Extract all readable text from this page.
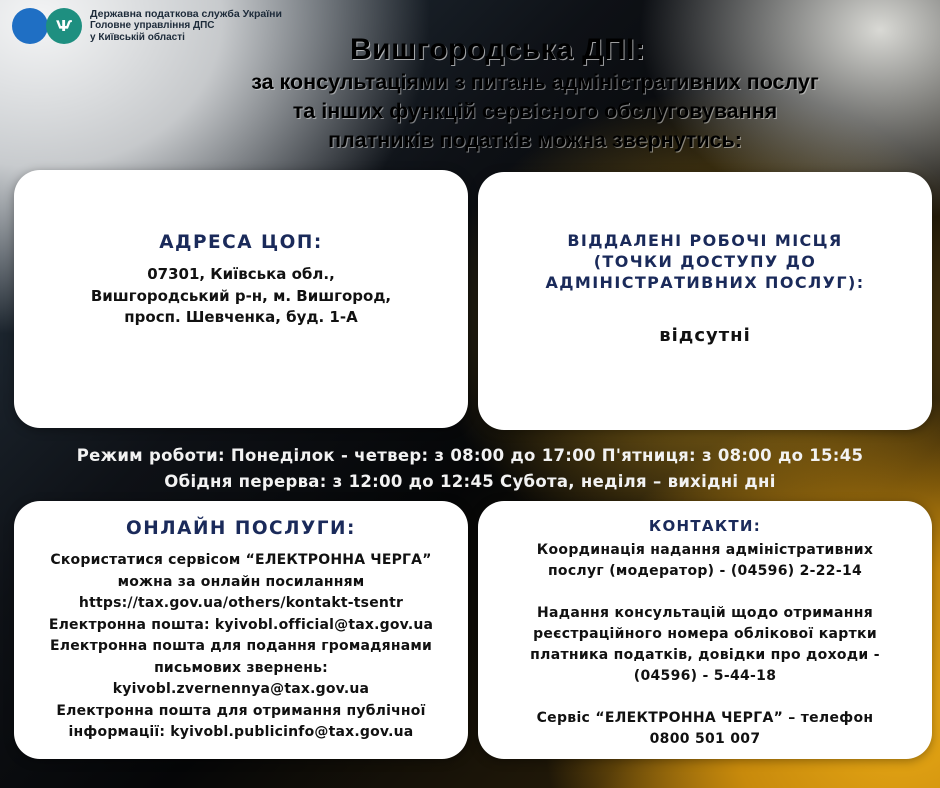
Ѱ
Державна податкова служба України
Головне управління ДПС
у Київській області	Вишгородська ДПІ:
за консультаціями з питань адміністративних послуг
та інших функцій сервісного обслуговування
платників податків можна звернутись:
АДРЕСА ЦОП:
07301, Київська обл.,
Вишгородський р-н, м. Вишгород,
просп. Шевченка, буд. 1-А
ВІДДАЛЕНІ РОБОЧІ МІСЦЯ
(ТОЧКИ ДОСТУПУ ДО
АДМІНІСТРАТИВНИХ ПОСЛУГ):
відсутні
Режим роботи: Понеділок - четвер: з 08:00 до 17:00 П'ятниця: з 08:00 до 15:45
Обідня перерва: з 12:00 до 12:45 Субота, неділя – вихідні дні
ОНЛАЙН ПОСЛУГИ:
Скористатися сервісом “ЕЛЕКТРОННА ЧЕРГА”
можна за онлайн посиланням
https://tax.gov.ua/others/kontakt-tsentr
Електронна пошта: kyivobl.official@tax.gov.ua
Електронна пошта для подання громадянами
письмових звернень:
kyivobl.zvernennya@tax.gov.ua
Електронна пошта для отримання публічної
інформації: kyivobl.publicinfo@tax.gov.ua
КОНТАКТИ:
Координація надання адміністративних
послуг (модератор) - (04596) 2-22-14
Надання консультацій щодо отримання
реєстраційного номера облікової картки
платника податків, довідки про доходи -
(04596) - 5-44-18
Сервіс “ЕЛЕКТРОННА ЧЕРГА” – телефон
0800 501 007
